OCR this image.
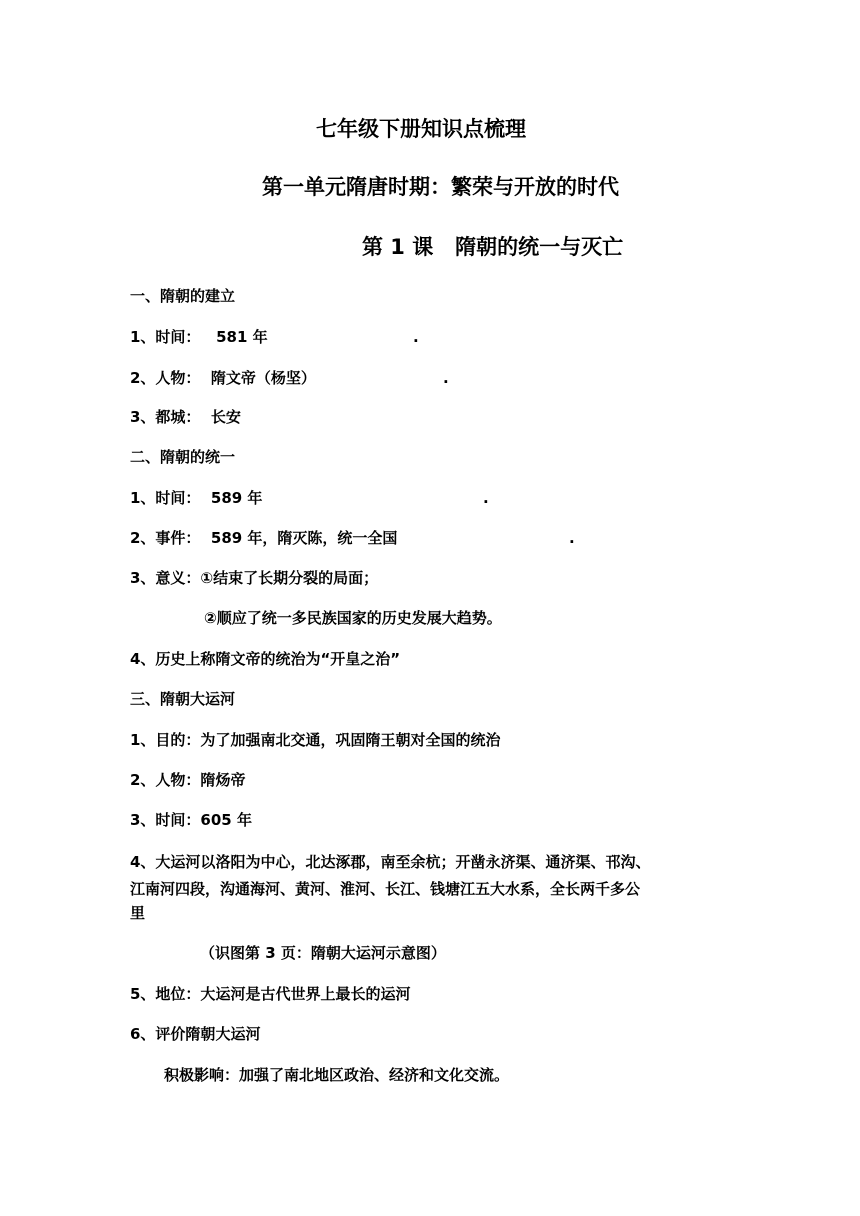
七年级下册知识点梳理
第一单元隋唐时期：繁荣与开放的时代
第 1 课   隋朝的统一与灭亡
一、隋朝的建立
1、时间：   581 年	.
2、人物：  隋文帝（杨坚）	.
3、都城：  长安
二、隋朝的统一
1、时间：  589 年	.
2、事件：  589 年，隋灭陈，统一全国	.
3、意义：①结束了长期分裂的局面；
②顺应了统一多民族国家的历史发展大趋势。
4、历史上称隋文帝的统治为“开皇之治”
三、隋朝大运河
1、目的：为了加强南北交通，巩固隋王朝对全国的统治
2、人物：隋炀帝
3、时间：605 年
4、大运河以洛阳为中心，北达涿郡，南至余杭；开凿永济渠、通济渠、邗沟、
江南河四段，沟通海河、黄河、淮河、长江、钱塘江五大水系，全长两千多公
里
（识图第 3 页：隋朝大运河示意图）
5、地位：大运河是古代世界上最长的运河
6、评价隋朝大运河
积极影响：加强了南北地区政治、经济和文化交流。
